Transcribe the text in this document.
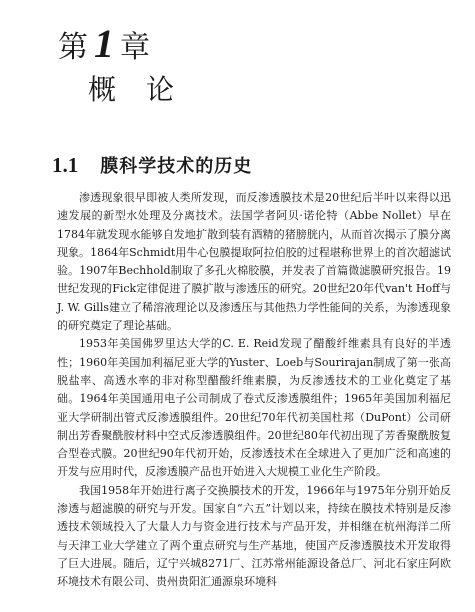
第 1 章
概论
1.1 膜科学技术的历史

渗透现象很早即被人类所发现，而反渗透膜技术是20世纪后半叶以来得以迅速发展的新型水处理及分离技术。法国学者阿贝·诺伦特（Abbe Nollet）早在1784年就发现水能够自发地扩散到装有酒精的猪膀胱内，从而首次揭示了膜分离现象。1864年Schmidt用牛心包膜提取阿拉伯胶的过程堪称世界上的首次超滤试验。1907年Bechhold制取了多孔火棉胶膜，并发表了首篇微滤膜研究报告。19世纪发现的Fick定律促进了膜扩散与渗透压的研究。20世纪20年代van't Hoff与J. W. Gills建立了稀溶液理论以及渗透压与其他热力学性能间的关系，为渗透现象的研究奠定了理论基础。

1953年美国佛罗里达大学的C. E. Reid发现了醋酸纤维素具有良好的半透性；1960年美国加利福尼亚大学的Yuster、Loeb与Sourirajan制成了第一张高脱盐率、高透水率的非对称型醋酸纤维素膜，为反渗透技术的工业化奠定了基础。1964年美国通用电子公司制成了卷式反渗透膜组件；1965年美国加利福尼亚大学研制出管式反渗透膜组件。20世纪70年代初美国杜邦（DuPont）公司研制出芳香聚酰胺材料中空式反渗透膜组件。20世纪80年代初出现了芳香聚酰胺复合型卷式膜。20世纪90年代初开始，反渗透技术在全球进入了更加广泛和高速的开发与应用时代，反渗透膜产品也开始进入大规模工业化生产阶段。

我国1958年开始进行离子交换膜技术的开发，1966年与1975年分别开始反渗透与超滤膜的研究与开发。国家自“六五”计划以来，持续在膜技术特别是反渗透技术领域投入了大量人力与资金进行技术与产品开发，并相继在杭州海洋二所与天津工业大学建立了两个重点研究与生产基地，使国产反渗透膜技术开发取得了巨大进展。随后，辽宁兴城8271厂、江苏常州能源设备总厂、河北石家庄阿欧环境技术有限公司、贵州贵阳汇通源泉环境科
